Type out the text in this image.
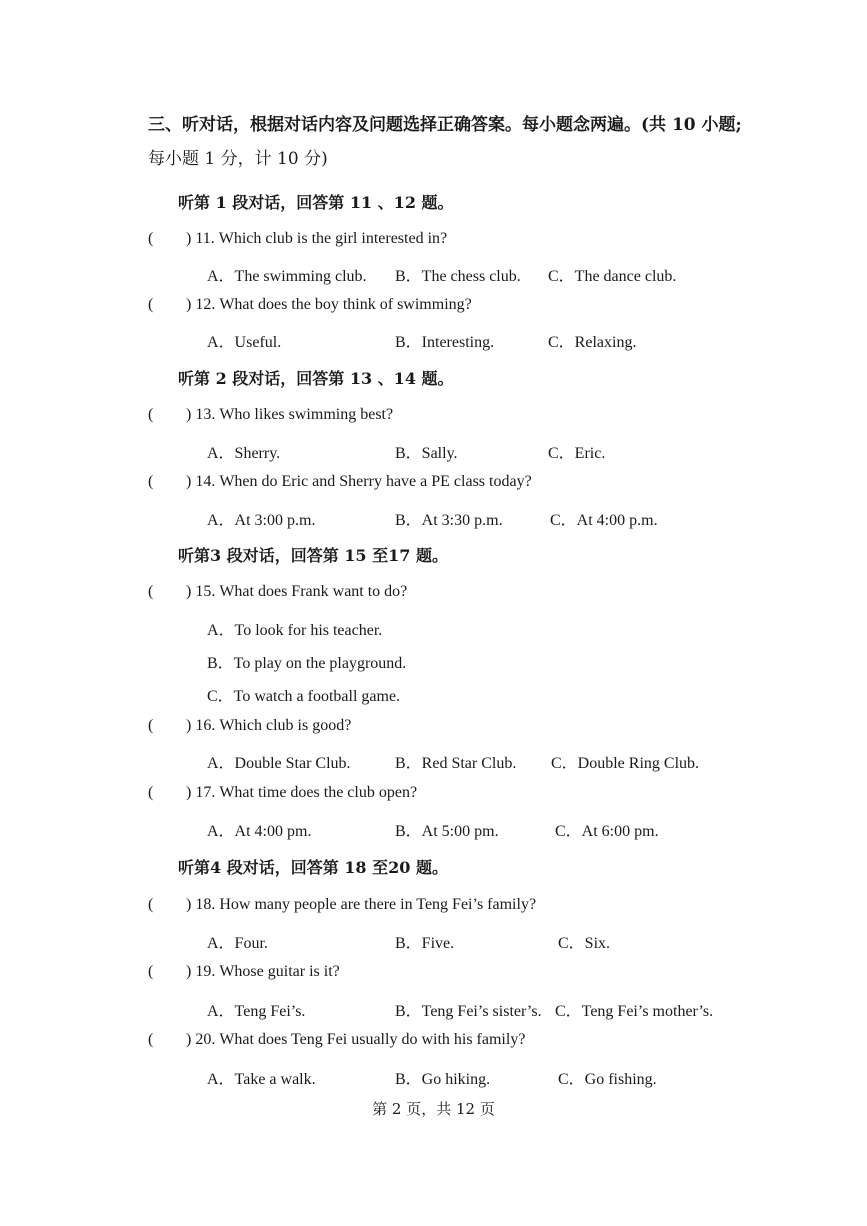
三、听对话，根据对话内容及问题选择正确答案。每小题念两遍。(共 10 小题;
每小题 1 分，计 10 分)
听第 1 段对话，回答第 11 、12 题。
( ) 11. Which club is the girl interested in?
A．The swimming club. B．The chess club. C．The dance club.
( ) 12. What does the boy think of swimming?
A．Useful.	B．Interesting.	C．Relaxing.
听第 2 段对话，回答第 13 、14 题。
( ) 13. Who likes swimming best?
A．Sherry.	B．Sally.	C．Eric.
( ) 14. When do Eric and Sherry have a PE class today?
A．At 3:00 p.m.	B．At 3:30 p.m.	C．At 4:00 p.m.
听第3 段对话，回答第 15 至17 题。
( ) 15. What does Frank want to do?
A．To look for his teacher.
B．To play on the playground.
C．To watch a football game.
( ) 16. Which club is good?
A．Double Star Club.	B．Red Star Club. C．Double Ring Club.
( ) 17. What time does the club open?
A．At 4:00 pm.	B．At 5:00 pm.	C．At 6:00 pm.
听第4 段对话，回答第 18 至20 题。
( ) 18. How many people are there in Teng Fei’s family?
A．Four.	B．Five.	C．Six.
( ) 19. Whose guitar is it?
A．Teng Fei’s.	B．Teng Fei’s sister’s. C．Teng Fei’s mother’s.
( ) 20. What does Teng Fei usually do with his family?
A．Take a walk.	B．Go hiking.	C．Go fishing.
第 2 页，共 12 页
